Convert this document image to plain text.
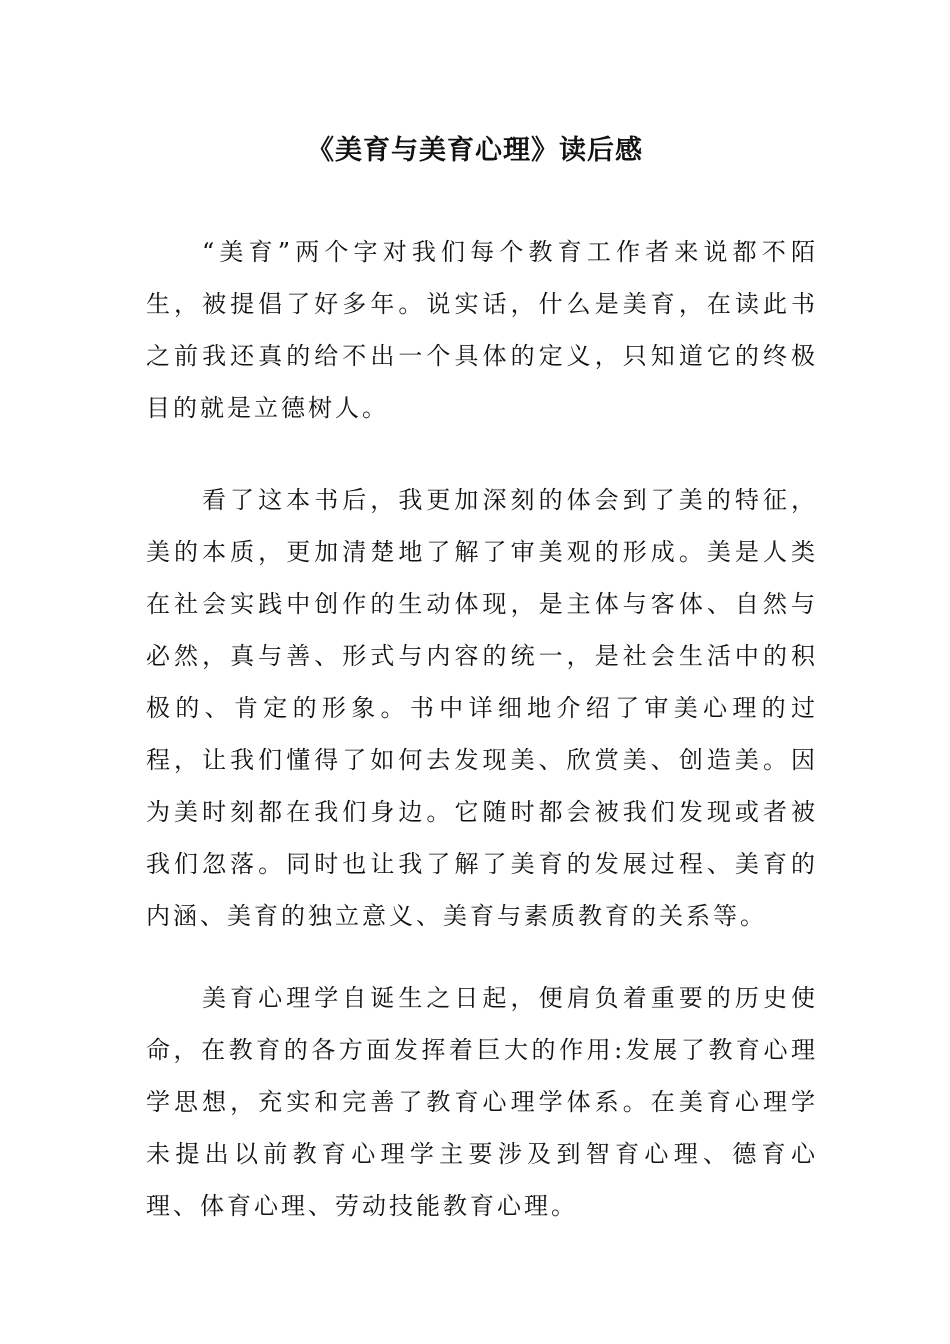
《美育与美育心理》读后感

“美育”两个字对我们每个教育工作者来说都不陌生，被提倡了好多年。说实话，什么是美育，在读此书之前我还真的给不出一个具体的定义，只知道它的终极目的就是立德树人。

看了这本书后，我更加深刻的体会到了美的特征，美的本质，更加清楚地了解了审美观的形成。美是人类在社会实践中创作的生动体现，是主体与客体、自然与必然，真与善、形式与内容的统一，是社会生活中的积极的、肯定的形象。书中详细地介绍了审美心理的过程，让我们懂得了如何去发现美、欣赏美、创造美。因为美时刻都在我们身边。它随时都会被我们发现或者被我们忽落。同时也让我了解了美育的发展过程、美育的内涵、美育的独立意义、美育与素质教育的关系等。

美育心理学自诞生之日起，便肩负着重要的历史使命，在教育的各方面发挥着巨大的作用:发展了教育心理学思想，充实和完善了教育心理学体系。在美育心理学未提出以前教育心理学主要涉及到智育心理、德育心理、体育心理、劳动技能教育心理。
